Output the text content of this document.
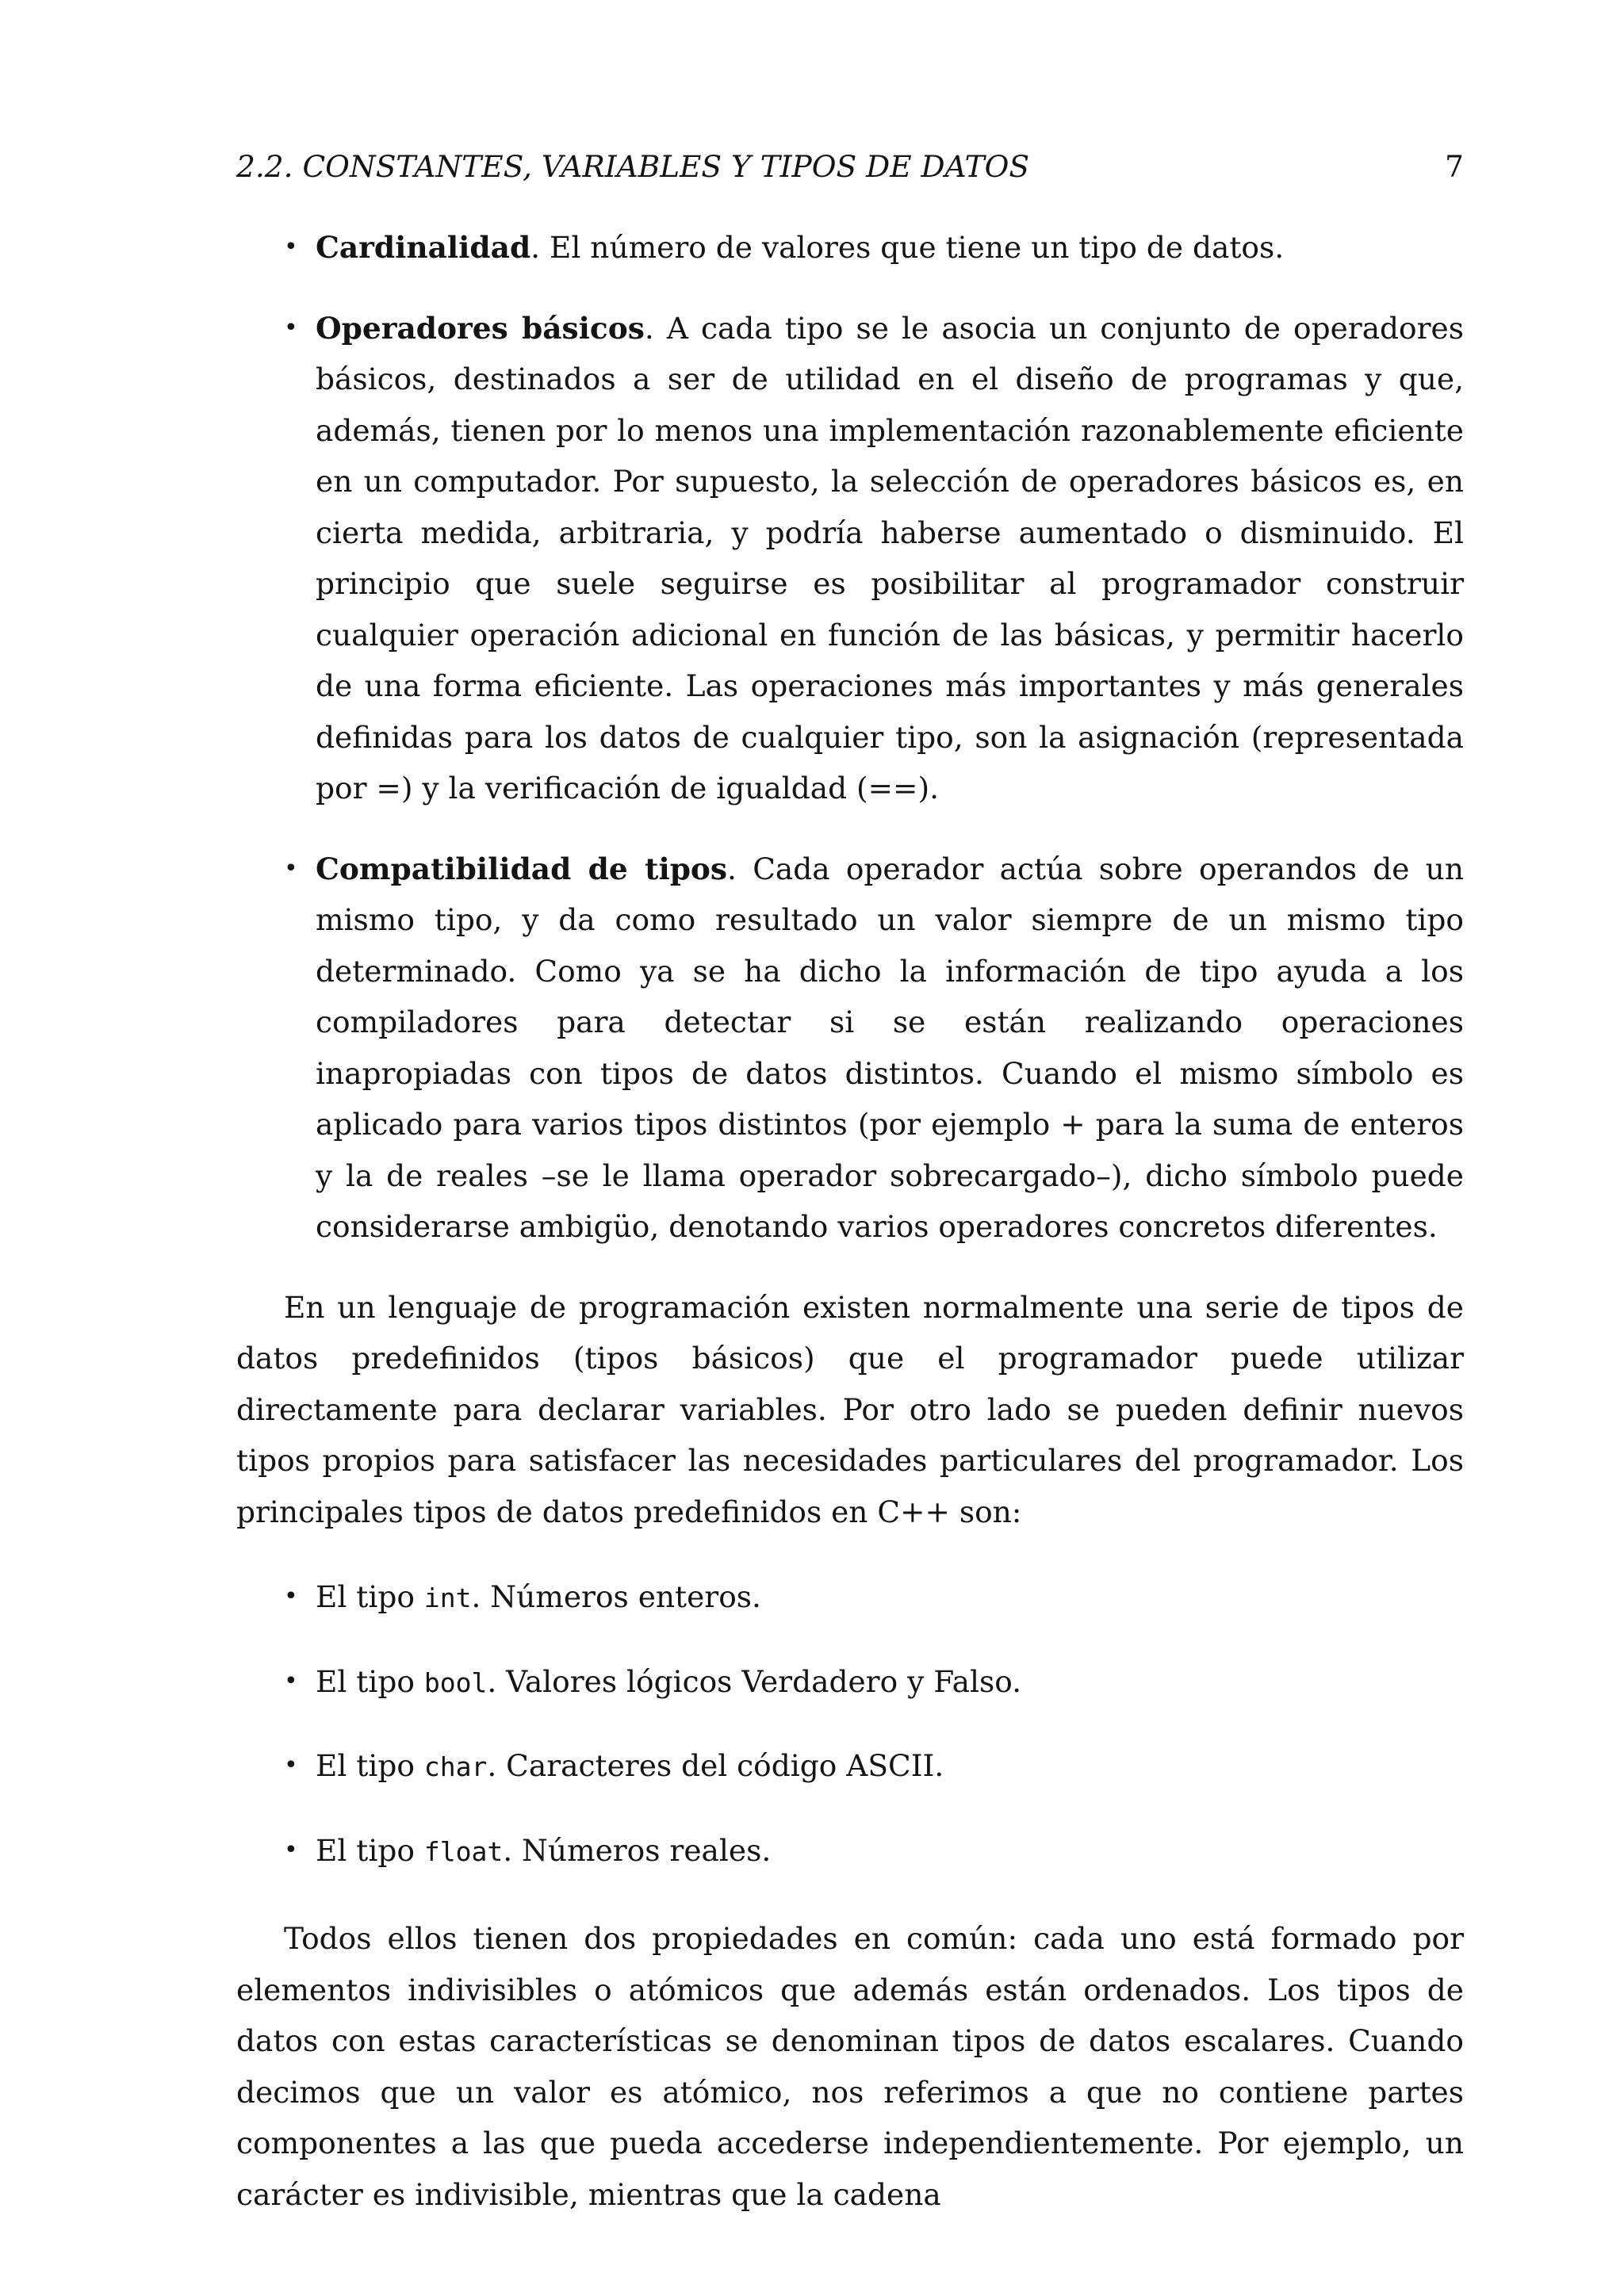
2.2. CONSTANTES, VARIABLES Y TIPOS DE DATOS	7
• Cardinalidad. El número de valores que tiene un tipo de datos.
• Operadores básicos. A cada tipo se le asocia un conjunto de operadores básicos, destinados a ser de utilidad en el diseño de programas y que, además, tienen por lo menos una implementación razonablemente eficiente en un computador. Por supuesto, la selección de operadores básicos es, en cierta medida, arbitraria, y podría haberse aumentado o disminuido. El principio que suele seguirse es posibilitar al programador construir cualquier operación adicional en función de las básicas, y permitir hacerlo de una forma eficiente. Las operaciones más importantes y más generales definidas para los datos de cualquier tipo, son la asignación (representada por =) y la verificación de igualdad (==).
• Compatibilidad de tipos. Cada operador actúa sobre operandos de un mismo tipo, y da como resultado un valor siempre de un mismo tipo determinado. Como ya se ha dicho la información de tipo ayuda a los compiladores para detectar si se están realizando operaciones inapropiadas con tipos de datos distintos. Cuando el mismo símbolo es aplicado para varios tipos distintos (por ejemplo + para la suma de enteros y la de reales –se le llama operador sobrecargado–), dicho símbolo puede considerarse ambigüo, denotando varios operadores concretos diferentes.

En un lenguaje de programación existen normalmente una serie de tipos de datos predefinidos (tipos básicos) que el programador puede utilizar directamente para declarar variables. Por otro lado se pueden definir nuevos tipos propios para satisfacer las necesidades particulares del programador. Los principales tipos de datos predefinidos en C++ son:

• El tipo int. Números enteros.
• El tipo bool. Valores lógicos Verdadero y Falso.
• El tipo char. Caracteres del código ASCII.
• El tipo float. Números reales.

Todos ellos tienen dos propiedades en común: cada uno está formado por elementos indivisibles o atómicos que además están ordenados. Los tipos de datos con estas características se denominan tipos de datos escalares. Cuando decimos que un valor es atómico, nos referimos a que no contiene partes componentes a las que pueda accederse independientemente. Por ejemplo, un carácter es indivisible, mientras que la cadena
